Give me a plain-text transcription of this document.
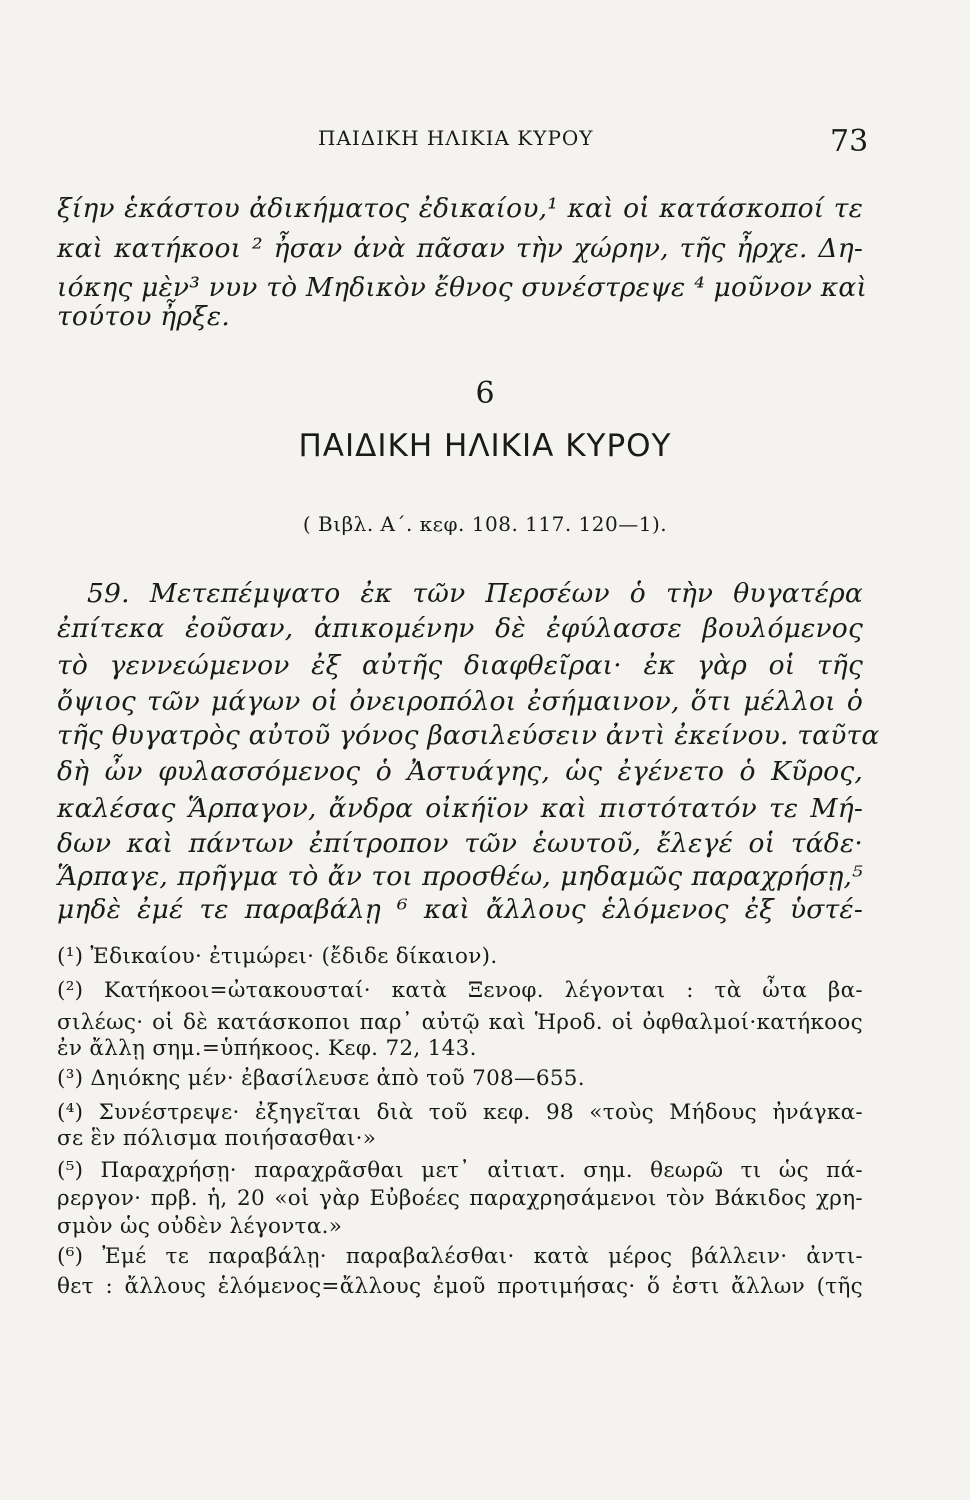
ΠΑΙΔΙΚΗ ΗΛΙΚΙΑ ΚΥΡΟΥ	73
ξίην ἑκάστου ἀδικήματος ἐδικαίου,¹ καὶ οἱ κατάσκοποί τε
καὶ κατήκοοι ² ἦσαν ἀνὰ πᾶσαν τὴν χώρην, τῆς ἦρχε. Δη-
ιόκης μὲν³ νυν τὸ Μηδικὸν ἔθνος συνέστρεψε ⁴ μοῦνον καὶ
τούτου ἦρξε.
6
ΠΑΙΔΙΚΗ ΗΛΙΚΙΑ ΚΥΡΟΥ
( Βιβλ. Α΄. κεφ. 108. 117. 120—1).
59. Μετεπέμψατο ἐκ τῶν Περσέων ὁ τὴν θυγατέρα
ἐπίτεκα ἐοῦσαν, ἀπικομένην δὲ ἐφύλασσε βουλόμενος
τὸ γεννεώμενον ἐξ αὐτῆς διαφθεῖραι· ἐκ γὰρ οἱ τῆς
ὄψιος τῶν μάγων οἱ ὀνειροπόλοι ἐσήμαινον, ὅτι μέλλοι ὁ
τῆς θυγατρὸς αὐτοῦ γόνος βασιλεύσειν ἀντὶ ἐκείνου. ταῦτα
δὴ ὦν φυλασσόμενος ὁ Ἀστυάγης, ὡς ἐγένετο ὁ Κῦρος,
καλέσας Ἅρπαγον, ἄνδρα οἰκήϊον καὶ πιστότατόν τε Μή-
δων καὶ πάντων ἐπίτροπον τῶν ἑωυτοῦ, ἔλεγέ οἱ τάδε·
Ἅρπαγε, πρῆγμα τὸ ἄν τοι προσθέω, μηδαμῶς παραχρήσῃ,⁵
μηδὲ ἐμέ τε παραβάλῃ ⁶ καὶ ἄλλους ἑλόμενος ἐξ ὑστέ-
(¹) Ἐδικαίου· ἐτιμώρει· (ἔδιδε δίκαιον).
(²) Κατήκοοι=ὠτακουσταί· κατὰ Ξενοφ. λέγονται : τὰ ὦτα βα-
σιλέως· οἱ δὲ κατάσκοποι παρ᾽ αὐτῷ καὶ Ἡροδ. οἱ ὀφθαλμοί·κατήκοος
ἐν ἄλλῃ σημ.=ὑπήκοος. Κεφ. 72, 143.
(³) Δηιόκης μέν· ἐβασίλευσε ἀπὸ τοῦ 708—655.
(⁴) Συνέστρεψε· ἐξηγεῖται διὰ τοῦ κεφ. 98 «τοὺς Μήδους ἠνάγκα-
σε ἓν πόλισμα ποιήσασθαι·»
(⁵) Παραχρήσῃ· παραχρᾶσθαι μετ᾽ αἰτιατ. σημ. θεωρῶ τι ὡς πά-
ρεργον· πρβ. ἡ, 20 «οἱ γὰρ Εὐβοέες παραχρησάμενοι τὸν Βάκιδος χρη-
σμὸν ὡς οὐδὲν λέγοντα.»
(⁶) Ἐμέ τε παραβάλῃ· παραβαλέσθαι· κατὰ μέρος βάλλειν· ἀντι-
θετ : ἄλλους ἑλόμενος=ἄλλους ἐμοῦ προτιμήσας· ὅ ἐστι ἄλλων (τῆς
